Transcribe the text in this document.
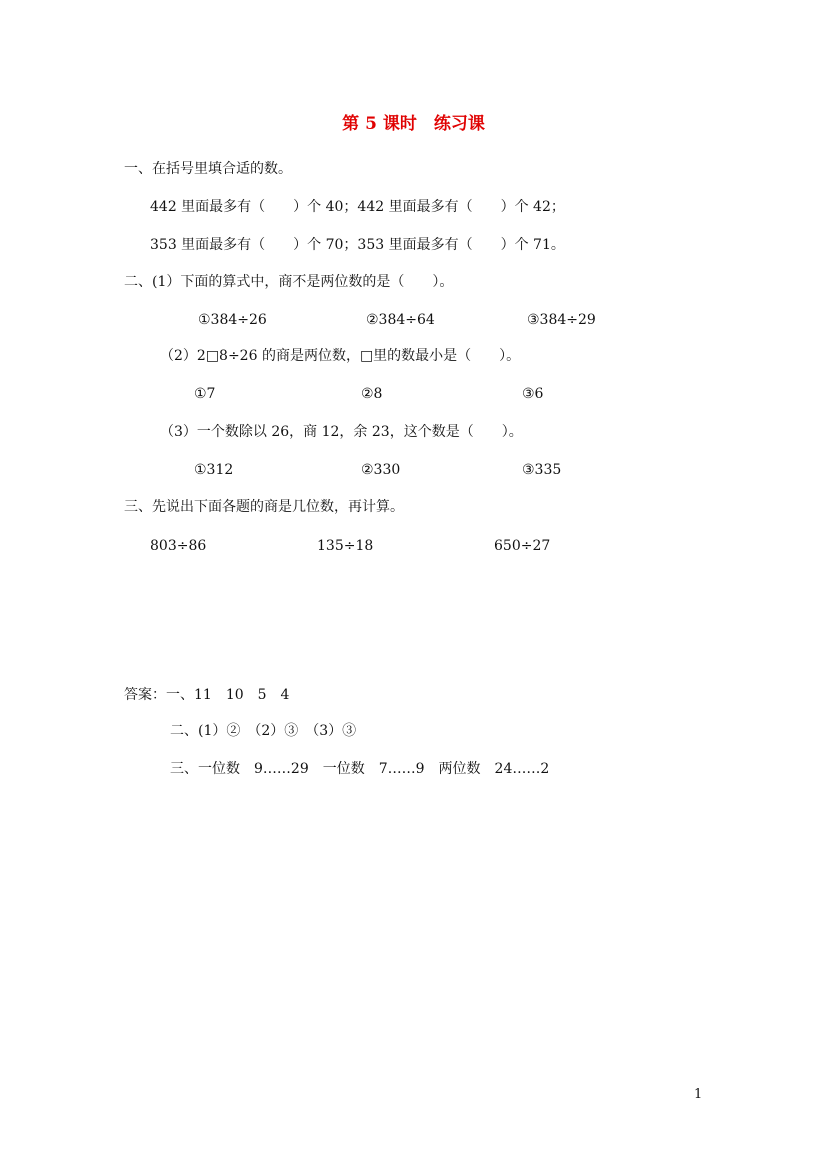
第 5 课时　练习课
一、在括号里填合适的数。
442 里面最多有（　　）个 40；442 里面最多有（　　）个 42；
353 里面最多有（　　）个 70；353 里面最多有（　　）个 71。
二、(1）下面的算式中，商不是两位数的是（　　）。
①384÷26	②384÷64	③384÷29
（2）2□8÷26 的商是两位数，□里的数最小是（　　）。
①7	②8	③6
（3）一个数除以 26，商 12，余 23，这个数是（　　）。
①312	②330	③335
三、先说出下面各题的商是几位数，再计算。
803÷86	135÷18	650÷27
答案：一、11　10　5　4
二、(1）②　（2）③　（3）③
三、一位数　9……29　一位数　7……9　两位数　24……2
1
